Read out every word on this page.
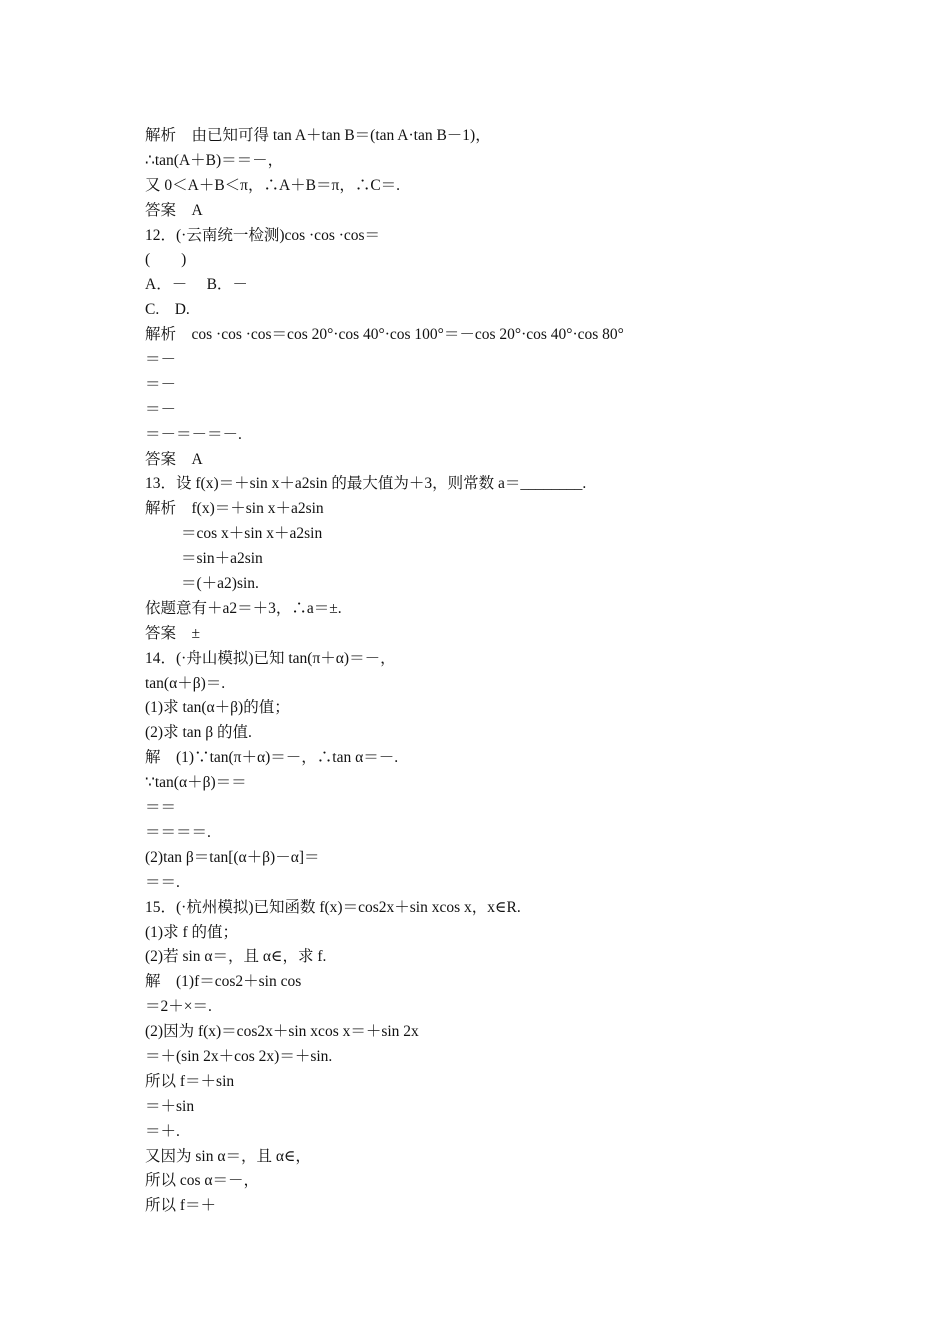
解析　由已知可得 tan A＋tan B＝(tan A·tan B－1)，
∴tan(A＋B)＝＝－，
又 0＜A＋B＜π，∴A＋B＝π，∴C＝.
答案　A
12．(·云南统一检测)cos ·cos ·cos＝
(　　)
A．－　 B．－
C.　D.
解析　cos ·cos ·cos＝cos 20°·cos 40°·cos 100°＝－cos 20°·cos 40°·cos 80°
＝－
＝－
＝－
＝－＝－＝－.
答案　A
13．设 f(x)＝＋sin x＋a2sin 的最大值为＋3，则常数 a＝________.
解析　f(x)＝＋sin x＋a2sin
＝cos x＋sin x＋a2sin
＝sin＋a2sin
＝(＋a2)sin.
依题意有＋a2＝＋3，∴a＝±.
答案　±
14．(·舟山模拟)已知 tan(π＋α)＝－，
tan(α＋β)＝.
(1)求 tan(α＋β)的值；
(2)求 tan β 的值.
解　(1)∵tan(π＋α)＝－，∴tan α＝－.
∵tan(α＋β)＝＝
＝＝
＝＝＝＝.
(2)tan β＝tan[(α＋β)－α]＝
＝＝.
15．(·杭州模拟)已知函数 f(x)＝cos2x＋sin xcos x，x∈R.
(1)求 f 的值；
(2)若 sin α＝，且 α∈，求 f.
解　(1)f＝cos2＋sin cos
＝2＋×＝.
(2)因为 f(x)＝cos2x＋sin xcos x＝＋sin 2x
＝＋(sin 2x＋cos 2x)＝＋sin.
所以 f＝＋sin
＝＋sin
＝＋.
又因为 sin α＝，且 α∈，
所以 cos α＝－，
所以 f＝＋
